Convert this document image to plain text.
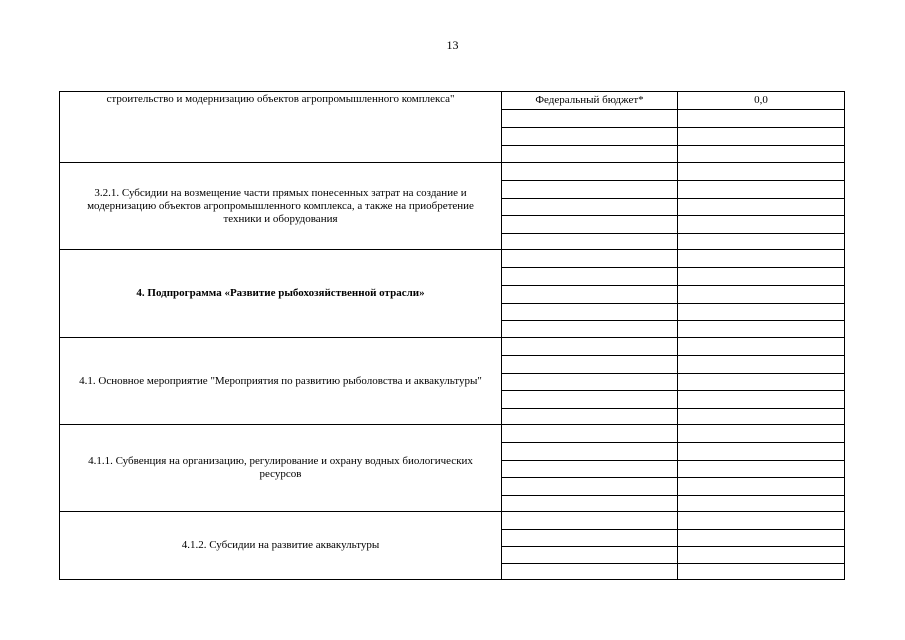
13
строительство и модернизацию объектов агропромышленного комплекса"	Федеральный бюджет*	0,0
3.2.1. Субсидии на возмещение части прямых понесенных затрат на создание и модернизацию объектов агропромышленного комплекса, а также на приобретение техники и оборудования
4. Подпрограмма «Развитие рыбохозяйственной отрасли»
4.1. Основное мероприятие "Мероприятия по развитию рыболовства и аквакультуры"
4.1.1. Субвенция на организацию, регулирование и охрану водных биологических ресурсов
4.1.2. Субсидии на развитие аквакультуры
